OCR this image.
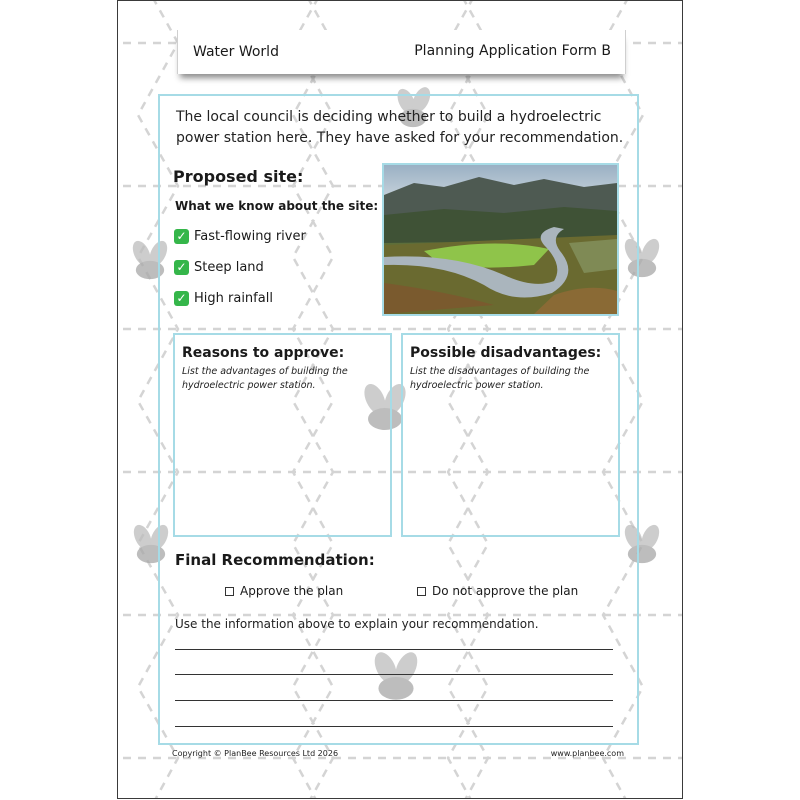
Water World	Planning Application Form B
The local council is deciding whether to build a hydroelectric power station here. They have asked for your recommendation.
Proposed site:
What we know about the site:
✓ Fast-flowing river
✓ Steep land
✓ High rainfall
Reasons to approve:
List the advantages of building the hydroelectric power station.
Possible disadvantages:
List the disadvantages of building the hydroelectric power station.
Final Recommendation:
Approve the plan	Do not approve the plan
Use the information above to explain your recommendation.
Copyright © PlanBee Resources Ltd 2026	www.planbee.com
